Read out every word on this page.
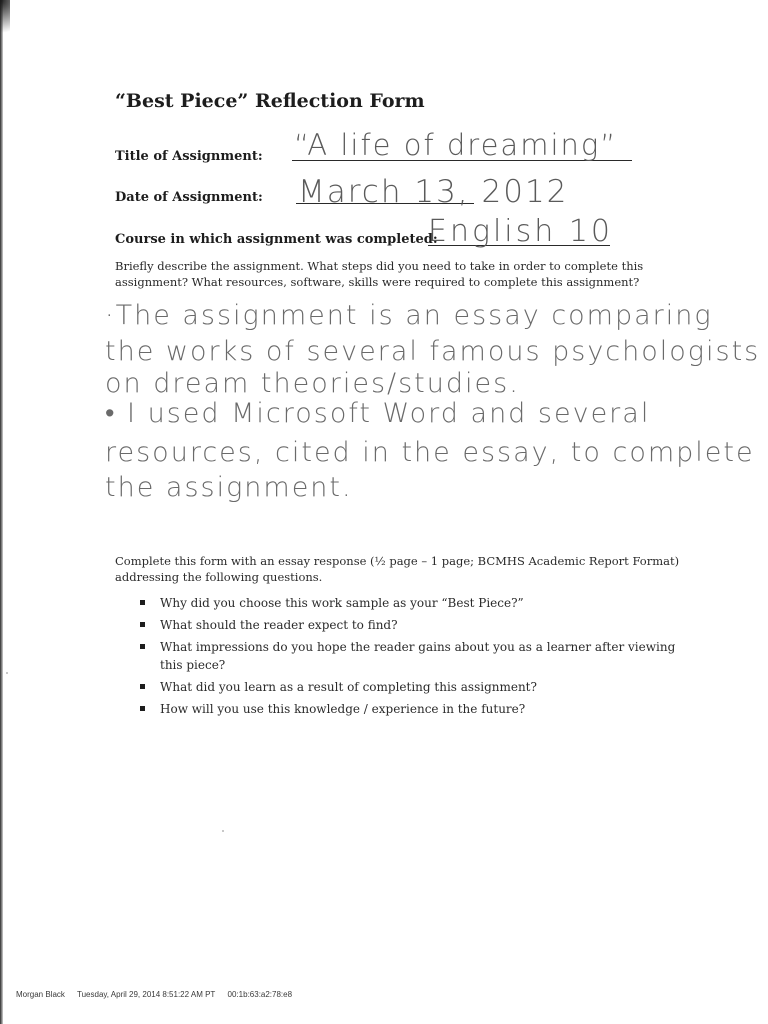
“Best Piece” Reflection Form
Title of Assignment: “A life of dreaming”
Date of Assignment: March 13, 2012
Course in which assignment was completed:
English 10
Briefly describe the assignment. What steps did you need to take in order to complete this
assignment? What resources, software, skills were required to complete this assignment?
·The assignment is an essay comparing
the works of several famous psychologists
on dream theories/studies.
• I used Microsoft Word and several
resources, cited in the essay, to complete
the assignment.
Complete this form with an essay response (½ page – 1 page; BCMHS Academic Report Format)
addressing the following questions.
Why did you choose this work sample as your “Best Piece?”
What should the reader expect to find?
What impressions do you hope the reader gains about you as a learner after viewing this piece?
What did you learn as a result of completing this assignment?
How will you use this knowledge / experience in the future?
Morgan Black Tuesday, April 29, 2014 8:51:22 AM PT 00:1b:63:a2:78:e8
